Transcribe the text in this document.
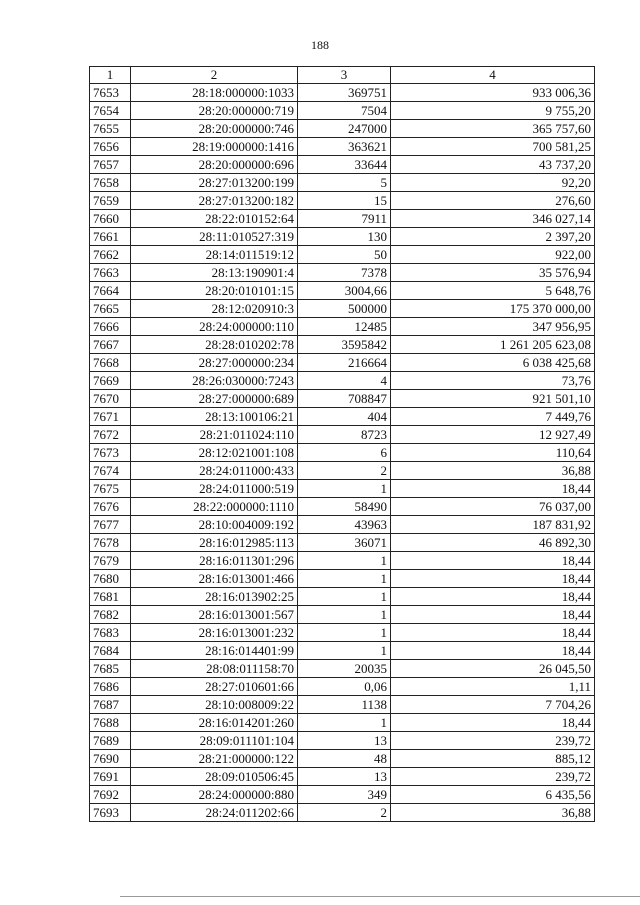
188
1	2	3	4
7653	28:18:000000:1033	369751	933 006,36
7654	28:20:000000:719	7504	9 755,20
7655	28:20:000000:746	247000	365 757,60
7656	28:19:000000:1416	363621	700 581,25
7657	28:20:000000:696	33644	43 737,20
7658	28:27:013200:199	5	92,20
7659	28:27:013200:182	15	276,60
7660	28:22:010152:64	7911	346 027,14
7661	28:11:010527:319	130	2 397,20
7662	28:14:011519:12	50	922,00
7663	28:13:190901:4	7378	35 576,94
7664	28:20:010101:15	3004,66	5 648,76
7665	28:12:020910:3	500000	175 370 000,00
7666	28:24:000000:110	12485	347 956,95
7667	28:28:010202:78	3595842	1 261 205 623,08
7668	28:27:000000:234	216664	6 038 425,68
7669	28:26:030000:7243	4	73,76
7670	28:27:000000:689	708847	921 501,10
7671	28:13:100106:21	404	7 449,76
7672	28:21:011024:110	8723	12 927,49
7673	28:12:021001:108	6	110,64
7674	28:24:011000:433	2	36,88
7675	28:24:011000:519	1	18,44
7676	28:22:000000:1110	58490	76 037,00
7677	28:10:004009:192	43963	187 831,92
7678	28:16:012985:113	36071	46 892,30
7679	28:16:011301:296	1	18,44
7680	28:16:013001:466	1	18,44
7681	28:16:013902:25	1	18,44
7682	28:16:013001:567	1	18,44
7683	28:16:013001:232	1	18,44
7684	28:16:014401:99	1	18,44
7685	28:08:011158:70	20035	26 045,50
7686	28:27:010601:66	0,06	1,11
7687	28:10:008009:22	1138	7 704,26
7688	28:16:014201:260	1	18,44
7689	28:09:011101:104	13	239,72
7690	28:21:000000:122	48	885,12
7691	28:09:010506:45	13	239,72
7692	28:24:000000:880	349	6 435,56
7693	28:24:011202:66	2	36,88
